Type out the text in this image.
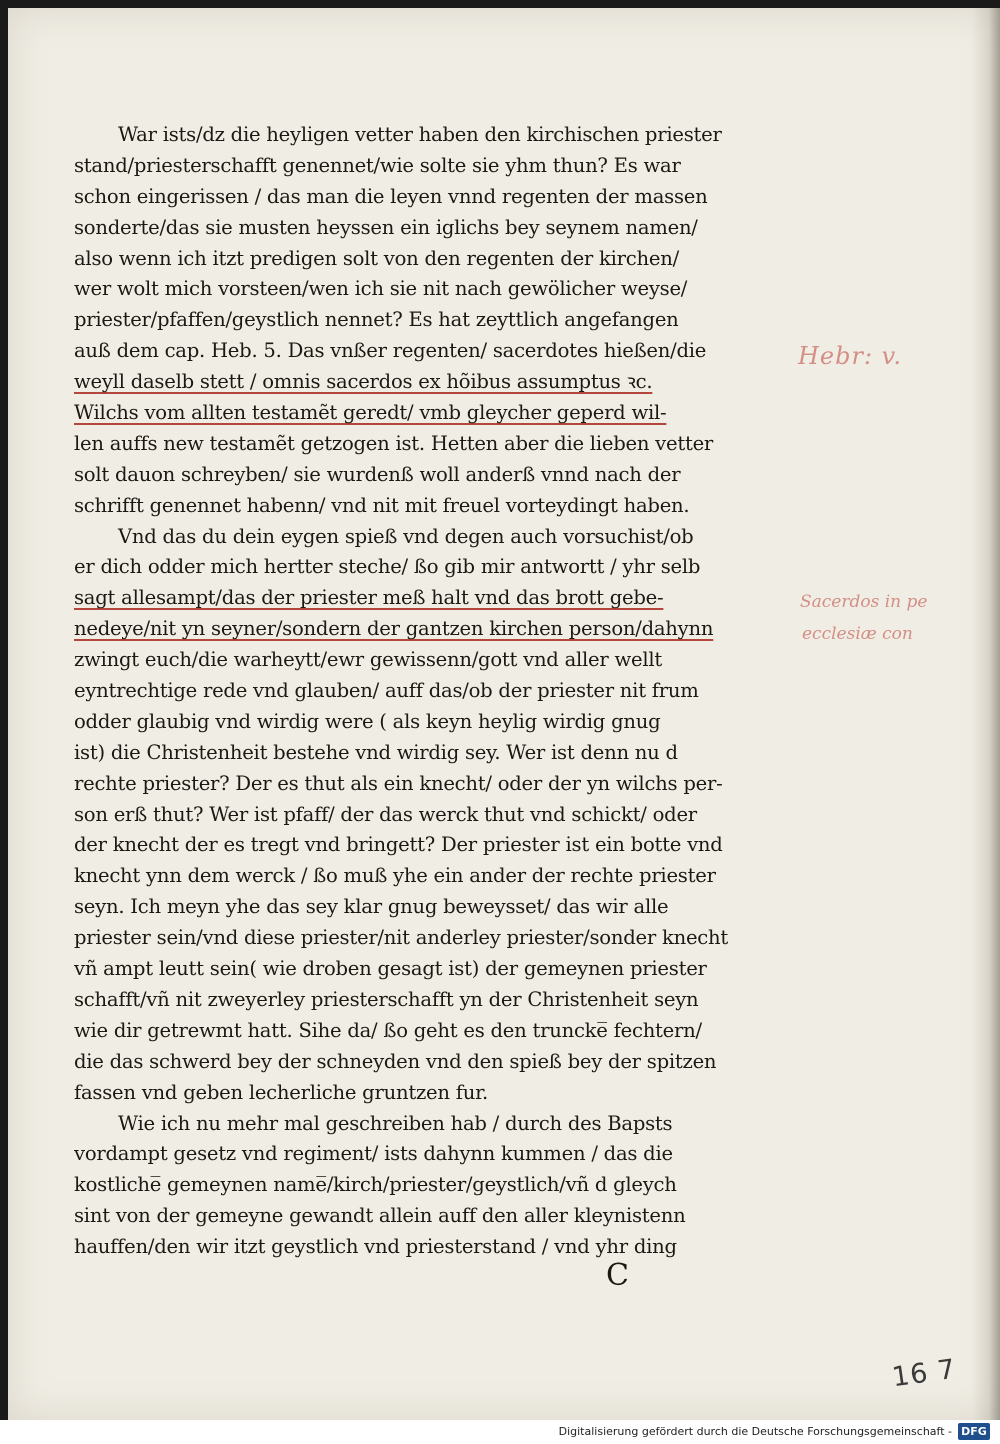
War ists/dz die heyligen vetter haben den kirchischen priester
stand/priesterschafft genennet/wie solte sie yhm thun? Es war
schon eingerissen / das man die leyen vnnd regenten der massen
sonderte/das sie musten heyssen ein iglichs bey seynem namen/
also wenn ich itzt predigen solt von den regenten der kirchen/
wer wolt mich vorsteen/wen ich sie nit nach gewölicher weyse/
priester/pfaffen/geystlich nennet? Es hat zeyttlich angefangen
auß dem cap. Heb. 5. Das vnßer regenten/ sacerdotes hießen/die
weyll daselb stett / omnis sacerdos ex hõibus assumptus ꝛc.
Wilchs vom allten testamẽt geredt/ vmb gleycher geperd wil-
len auffs new testamẽt getzogen ist. Hetten aber die lieben vetter
solt dauon schreyben/ sie wurdenß woll anderß vnnd nach der
schrifft genennet habenn/ vnd nit mit freuel vorteydingt haben.
Vnd das du dein eygen spieß vnd degen auch vorsuchist/ob
er dich odder mich hertter steche/ ßo gib mir antwortt / yhr selb
sagt allesampt/das der priester meß halt vnd das brott gebe-
nedeye/nit yn seyner/sondern der gantzen kirchen person/dahynn
zwingt euch/die warheytt/ewr gewissenn/gott vnd aller wellt
eyntrechtige rede vnd glauben/ auff das/ob der priester nit frum
odder glaubig vnd wirdig were ( als keyn heylig wirdig gnug
ist) die Christenheit bestehe vnd wirdig sey. Wer ist denn nu d
rechte priester? Der es thut als ein knecht/ oder der yn wilchs per-
son erß thut? Wer ist pfaff/ der das werck thut vnd schickt/ oder
der knecht der es tregt vnd bringett? Der priester ist ein botte vnd
knecht ynn dem werck / ßo muß yhe ein ander der rechte priester
seyn. Ich meyn yhe das sey klar gnug beweysset/ das wir alle
priester sein/vnd diese priester/nit anderley priester/sonder knecht
vñ ampt leutt sein( wie droben gesagt ist) der gemeynen priester
schafft/vñ nit zweyerley priesterschafft yn der Christenheit seyn
wie dir getrewmt hatt. Sihe da/ ßo geht es den truncke̅ fechtern/
die das schwerd bey der schneyden vnd den spieß bey der spitzen
fassen vnd geben lecherliche gruntzen fur.
Wie ich nu mehr mal geschreiben hab / durch des Bapsts
vordampt gesetz vnd regiment/ ists dahynn kummen / das die
kostliche̅ gemeynen name̅/kirch/priester/geystlich/vñ d gleych
sint von der gemeyne gewandt allein auff den aller kleynistenn
hauffen/den wir itzt geystlich vnd priesterstand / vnd yhr ding
Hebr: v.
Sacerdos in pe
ecclesiæ con
C
16 7
Digitalisierung gefördert durch die Deutsche Forschungsgemeinschaft - DFG
